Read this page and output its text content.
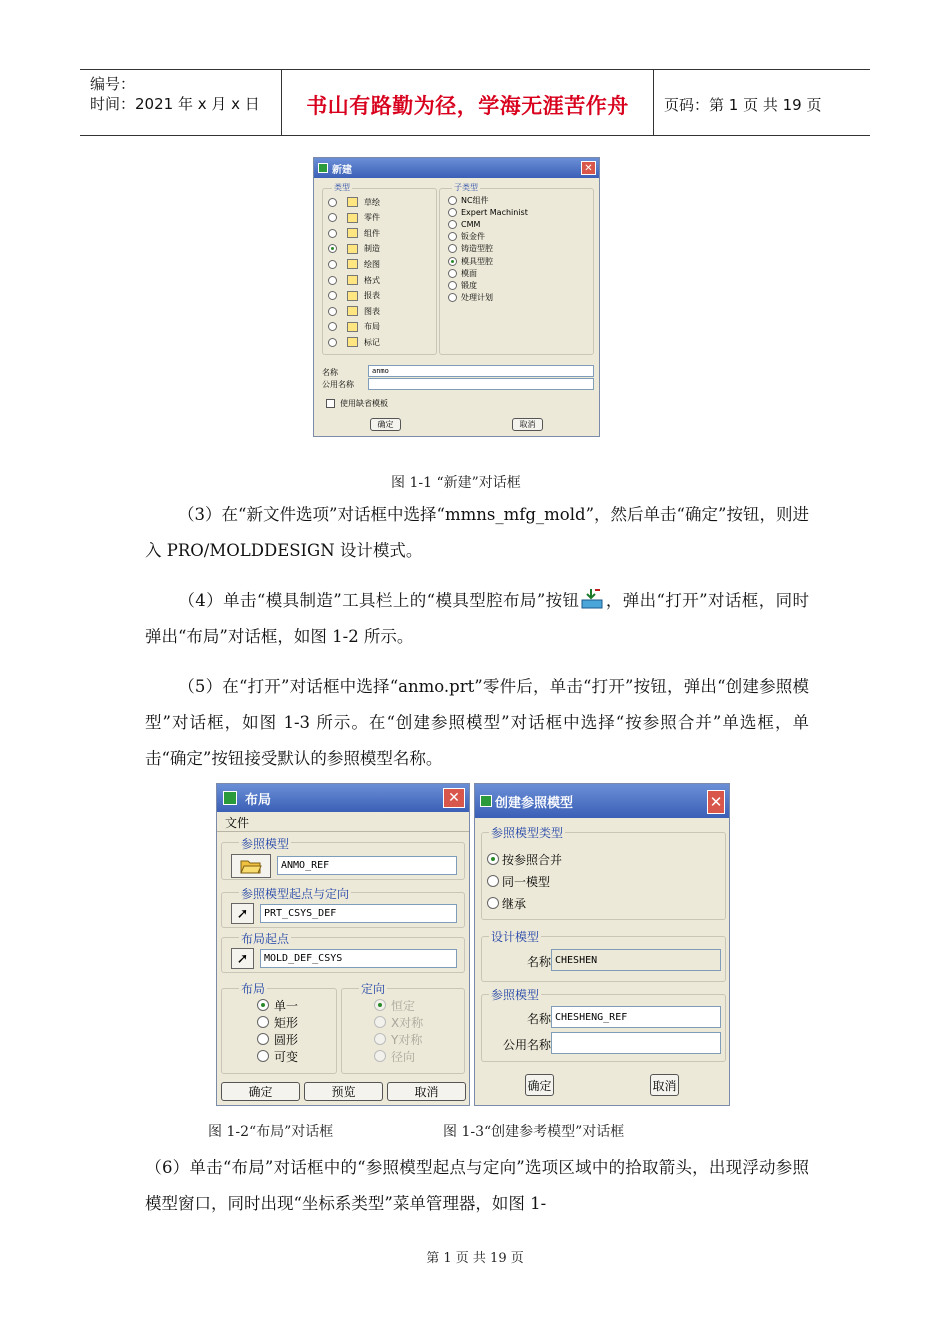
编号：
时间：2021 年 x 月 x 日	书山有路勤为径，学海无涯苦作舟	页码：第 1 页 共 19 页
新建	✕
类型
草绘
零件
组件
制造
绘图
格式
报表
图表
布局
标记
子类型
NC组件
Expert Machinist
CMM
钣金件
铸造型腔
模具型腔
模面
锻度
处理计划
名称	anmo
公用名称
使用缺省模板
确定	取消
图 1-1 “新建”对话框
（3）在“新文件选项”对话框中选择“mmns_mfg_mold”，然后单击“确定”按钮，则进入 PRO/MOLDDESIGN 设计模式。
（4）单击“模具制造”工具栏上的“模具型腔布局”按钮 ，弹出“打开”对话框，同时弹出“布局”对话框，如图 1-2 所示。
（5）在“打开”对话框中选择“anmo.prt”零件后，单击“打开”按钮，弹出“创建参照模型”对话框，如图 1-3 所示。在“创建参照模型”对话框中选择“按参照合并”单选框，单击“确定”按钮接受默认的参照模型名称。
布局	✕
文件
参照模型
ANMO_REF
参照模型起点与定向
➚	PRT_CSYS_DEF
布局起点
➚	MOLD_DEF_CSYS
布局
单一
矩形
圆形
可变
定向
恒定
X对称
Y对称
径向
确定	预览	取消
创建参照模型	✕
参照模型类型
按参照合并
同一模型
继承
设计模型
名称 CHESHEN
参照模型
名称 CHESHENG_REF
公用名称
确定	取消
图 1-2“布局”对话框	图 1-3“创建参考模型”对话框
（6）单击“布局”对话框中的“参照模型起点与定向”选项区域中的拾取箭头，出现浮动参照模型窗口，同时出现“坐标系类型”菜单管理器，如图 1-
第 1 页 共 19 页
